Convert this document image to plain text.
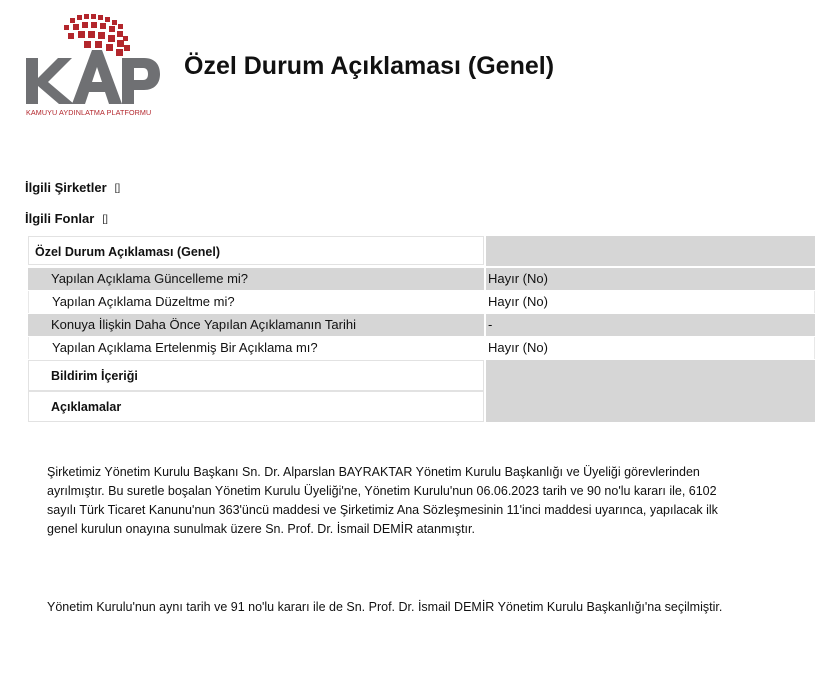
KAMUYU AYDINLATMA PLATFORMU
Özel Durum Açıklaması (Genel)
İlgili Şirketler []
İlgili Fonlar []
Özel Durum Açıklaması (Genel)
Yapılan Açıklama Güncelleme mi?	Hayır (No)
Yapılan Açıklama Düzeltme mi?	Hayır (No)
Konuya İlişkin Daha Önce Yapılan Açıklamanın Tarihi	-
Yapılan Açıklama Ertelenmiş Bir Açıklama mı?	Hayır (No)
Bildirim İçeriği
Açıklamalar
Şirketimiz Yönetim Kurulu Başkanı Sn. Dr. Alparslan BAYRAKTAR Yönetim Kurulu Başkanlığı ve Üyeliği görevlerinden
ayrılmıştır. Bu suretle boşalan Yönetim Kurulu Üyeliği'ne, Yönetim Kurulu'nun 06.06.2023 tarih ve 90 no'lu kararı ile, 6102
sayılı Türk Ticaret Kanunu'nun 363'üncü maddesi ve Şirketimiz Ana Sözleşmesinin 11'inci maddesi uyarınca, yapılacak ilk
genel kurulun onayına sunulmak üzere Sn. Prof. Dr. İsmail DEMİR atanmıştır.
Yönetim Kurulu'nun aynı tarih ve 91 no'lu kararı ile de Sn. Prof. Dr. İsmail DEMİR Yönetim Kurulu Başkanlığı'na seçilmiştir.
